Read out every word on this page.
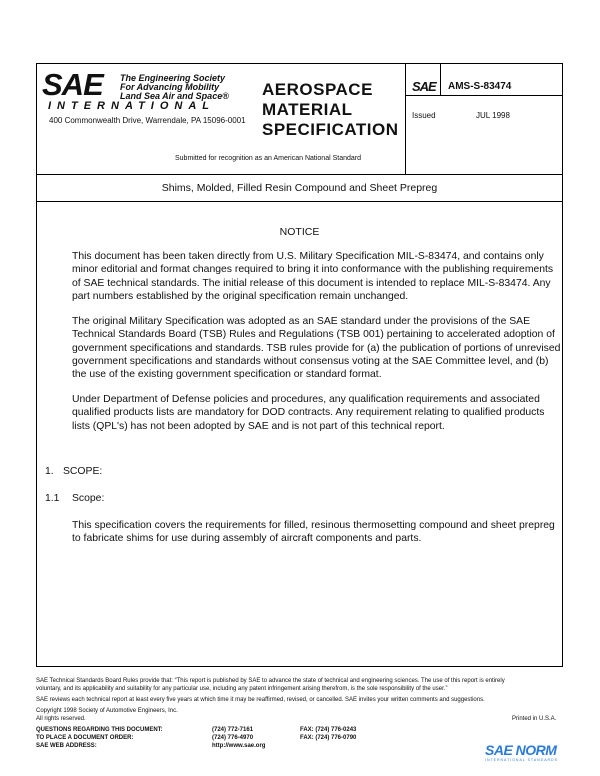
SAE The Engineering Society
For Advancing Mobility
Land Sea Air and Space®
INTERNATIONAL
400 Commonwealth Drive, Warrendale, PA 15096-0001
AEROSPACE
MATERIAL
SPECIFICATION
SAE AMS-S-83474
Issued	JUL 1998
Submitted for recognition as an American National Standard
Shims, Molded, Filled Resin Compound and Sheet Prepreg
NOTICE
This document has been taken directly from U.S. Military Specification MIL-S-83474, and contains only minor editorial and format changes required to bring it into conformance with the publishing requirements of SAE technical standards. The initial release of this document is intended to replace MIL-S-83474. Any part numbers established by the original specification remain unchanged.
The original Military Specification was adopted as an SAE standard under the provisions of the SAE Technical Standards Board (TSB) Rules and Regulations (TSB 001) pertaining to accelerated adoption of government specifications and standards. TSB rules provide for (a) the publication of portions of unrevised government specifications and standards without consensus voting at the SAE Committee level, and (b) the use of the existing government specification or standard format.
Under Department of Defense policies and procedures, any qualification requirements and associated qualified products lists are mandatory for DOD contracts. Any requirement relating to qualified products lists (QPL's) has not been adopted by SAE and is not part of this technical report.
1. SCOPE:
1.1 Scope:
This specification covers the requirements for filled, resinous thermosetting compound and sheet prepreg to fabricate shims for use during assembly of aircraft components and parts.
SAE Technical Standards Board Rules provide that: “This report is published by SAE to advance the state of technical and engineering sciences. The use of this report is entirely
voluntary, and its applicability and suitability for any particular use, including any patent infringement arising therefrom, is the sole responsibility of the user.”
SAE reviews each technical report at least every five years at which time it may be reaffirmed, revised, or cancelled. SAE invites your written comments and suggestions.
Copyright 1998 Society of Automotive Engineers, Inc.
All rights reserved.	Printed in U.S.A.
QUESTIONS REGARDING THIS DOCUMENT:	(724) 772-7161	FAX: (724) 776-0243
TO PLACE A DOCUMENT ORDER:	(724) 776-4970	FAX: (724) 776-0790
SAE WEB ADDRESS:	http://www.sae.org	SAE NORM
INTERNATIONAL STANDARDS
